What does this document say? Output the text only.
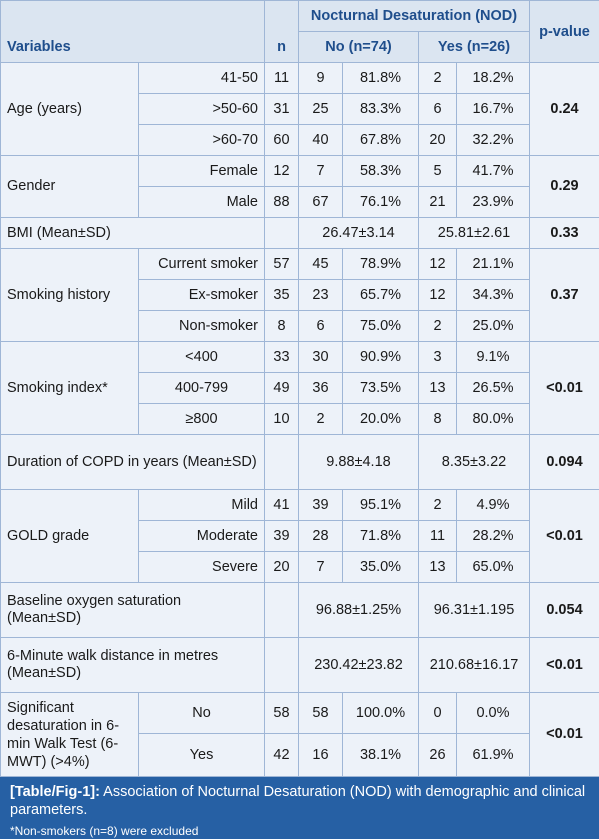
Variables		n	Nocturnal Desaturation (NOD)				p-value
			No (n=74)		Yes (n=26)		
Age (years)	41-50	11	9	81.8%	2	18.2%	0.24
	>50-60	31	25	83.3%	6	16.7%	
	>60-70	60	40	67.8%	20	32.2%	
Gender	Female	12	7	58.3%	5	41.7%	0.29
	Male	88	67	76.1%	21	23.9%	
BMI (Mean±SD)			26.47±3.14		25.81±2.61		0.33
Smoking history	Current smoker	57	45	78.9%	12	21.1%	0.37
	Ex-smoker	35	23	65.7%	12	34.3%	
	Non-smoker	8	6	75.0%	2	25.0%	
Smoking index*	<400	33	30	90.9%	3	9.1%	<0.01
	400-799	49	36	73.5%	13	26.5%	
	≥800	10	2	20.0%	8	80.0%	
Duration of COPD in years (Mean±SD)			9.88±4.18		8.35±3.22		0.094
GOLD grade	Mild	41	39	95.1%	2	4.9%	<0.01
	Moderate	39	28	71.8%	11	28.2%	
	Severe	20	7	35.0%	13	65.0%	
Baseline oxygen saturation (Mean±SD)			96.88±1.25%		96.31±1.195		0.054
6-Minute walk distance in metres (Mean±SD)			230.42±23.82		210.68±16.17		<0.01
Significant desaturation in 6-min Walk Test (6-MWT) (>4%)	No	58	58	100.0%	0	0.0%	<0.01
	Yes	42	16	38.1%	26	61.9%	
[Table/Fig-1]: Association of Nocturnal Desaturation (NOD) with demographic and clinical parameters.
*Non-smokers (n=8) were excluded
